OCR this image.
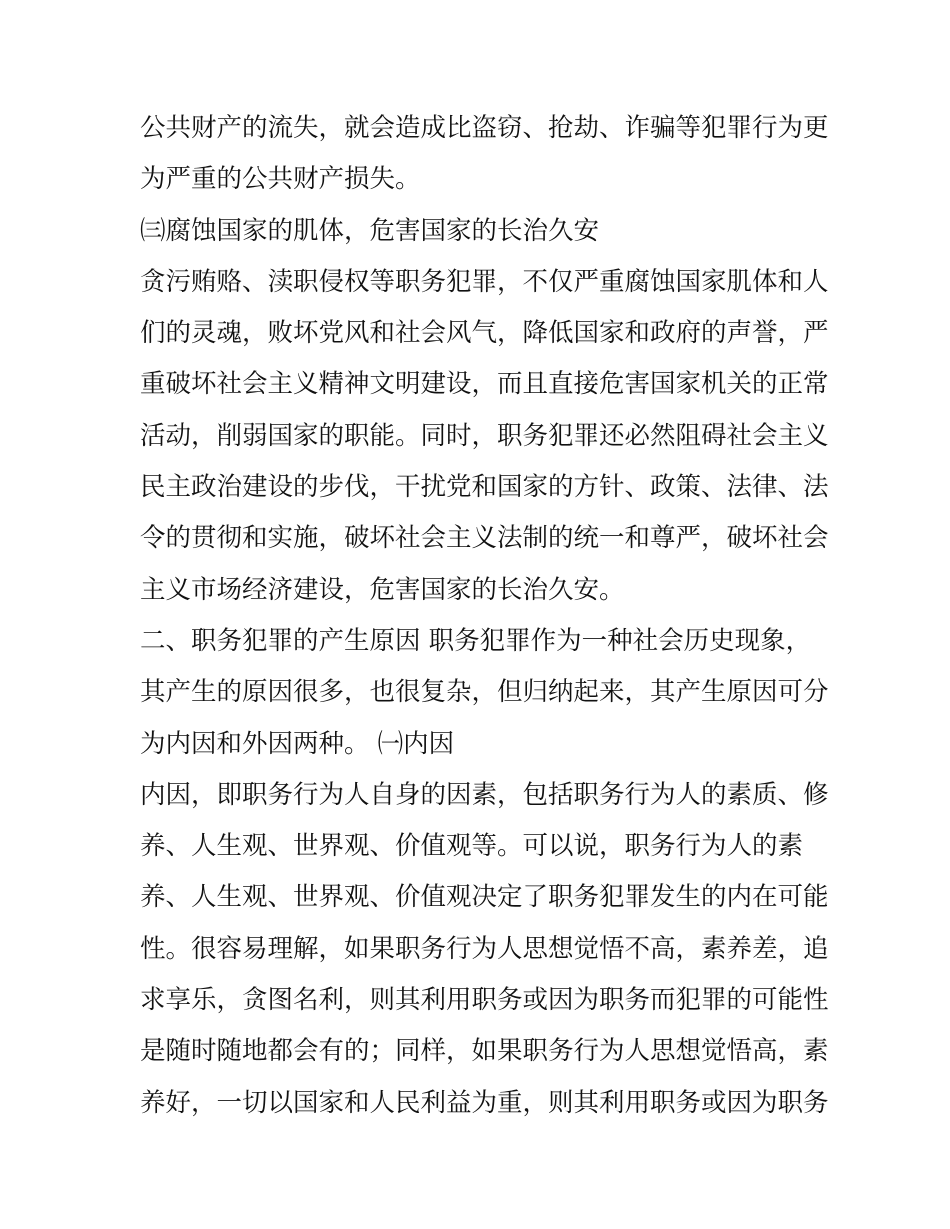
公共财产的流失，就会造成比盗窃、抢劫、诈骗等犯罪行为更
为严重的公共财产损失。
㈢腐蚀国家的肌体，危害国家的长治久安
贪污贿赂、渎职侵权等职务犯罪，不仅严重腐蚀国家肌体和人
们的灵魂，败坏党风和社会风气，降低国家和政府的声誉，严
重破坏社会主义精神文明建设，而且直接危害国家机关的正常
活动，削弱国家的职能。同时，职务犯罪还必然阻碍社会主义
民主政治建设的步伐，干扰党和国家的方针、政策、法律、法
令的贯彻和实施，破坏社会主义法制的统一和尊严，破坏社会
主义市场经济建设，危害国家的长治久安。
二、职务犯罪的产生原因 职务犯罪作为一种社会历史现象，
其产生的原因很多，也很复杂，但归纳起来，其产生原因可分
为内因和外因两种。 ㈠内因
内因，即职务行为人自身的因素，包括职务行为人的素质、修
养、人生观、世界观、价值观等。可以说，职务行为人的素
养、人生观、世界观、价值观决定了职务犯罪发生的内在可能
性。很容易理解，如果职务行为人思想觉悟不高，素养差，追
求享乐，贪图名利，则其利用职务或因为职务而犯罪的可能性
是随时随地都会有的；同样，如果职务行为人思想觉悟高，素
养好，一切以国家和人民利益为重，则其利用职务或因为职务
